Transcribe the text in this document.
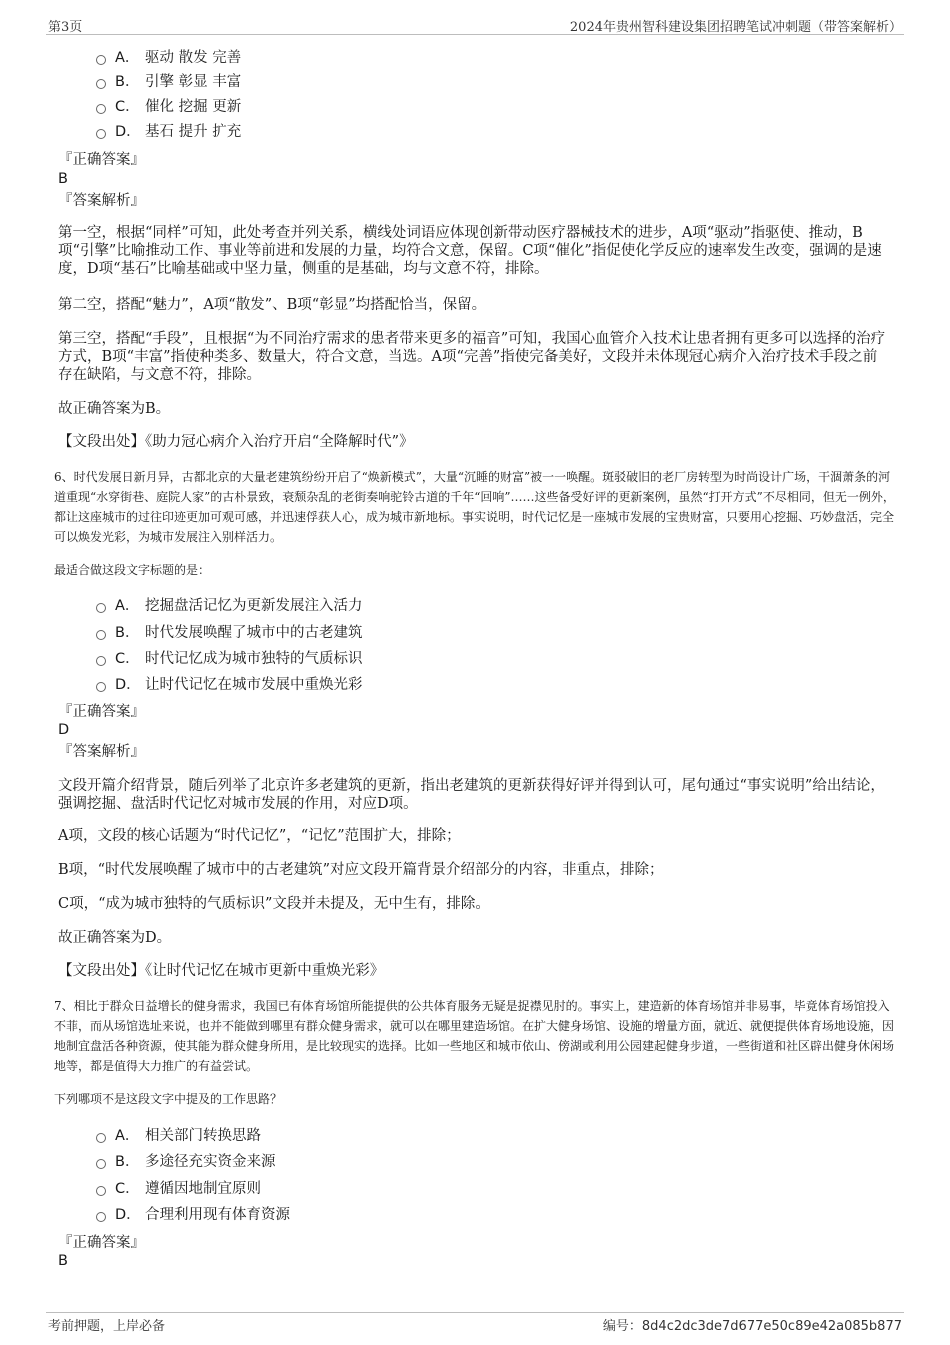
第3页	2024年贵州智科建设集团招聘笔试冲刺题（带答案解析）
A． 驱动 散发 完善
B． 引擎 彰显 丰富
C． 催化 挖掘 更新
D． 基石 提升 扩充
『正确答案』
B
『答案解析』
第一空，根据“同样”可知，此处考查并列关系，横线处词语应体现创新带动医疗器械技术的进步，A项“驱动”指驱使、推动，B项“引擎”比喻推动工作、事业等前进和发展的力量，均符合文意，保留。C项“催化”指促使化学反应的速率发生改变，强调的是速度，D项“基石”比喻基础或中坚力量，侧重的是基础，均与文意不符，排除。
第二空，搭配“魅力”，A项“散发”、B项“彰显”均搭配恰当，保留。
第三空，搭配“手段”，且根据“为不同治疗需求的患者带来更多的福音”可知，我国心血管介入技术让患者拥有更多可以选择的治疗方式，B项“丰富”指使种类多、数量大，符合文意，当选。A项“完善”指使完备美好，文段并未体现冠心病介入治疗技术手段之前存在缺陷，与文意不符，排除。
故正确答案为B。
【文段出处】《助力冠心病介入治疗开启“全降解时代”》
6、时代发展日新月异，古都北京的大量老建筑纷纷开启了“焕新模式”，大量“沉睡的财富”被一一唤醒。斑驳破旧的老厂房转型为时尚设计广场，干涸萧条的河道重现“水穿街巷、庭院人家”的古朴景致，衰颓杂乱的老街奏响驼铃古道的千年“回响”……这些备受好评的更新案例，虽然“打开方式”不尽相同，但无一例外，都让这座城市的过往印迹更加可观可感，并迅速俘获人心，成为城市新地标。事实说明，时代记忆是一座城市发展的宝贵财富，只要用心挖掘、巧妙盘活，完全可以焕发光彩，为城市发展注入别样活力。
最适合做这段文字标题的是：
A． 挖掘盘活记忆为更新发展注入活力
B． 时代发展唤醒了城市中的古老建筑
C． 时代记忆成为城市独特的气质标识
D． 让时代记忆在城市发展中重焕光彩
『正确答案』
D
『答案解析』
文段开篇介绍背景，随后列举了北京许多老建筑的更新，指出老建筑的更新获得好评并得到认可，尾句通过“事实说明”给出结论，强调挖掘、盘活时代记忆对城市发展的作用，对应D项。
A项，文段的核心话题为“时代记忆”，“记忆”范围扩大，排除；
B项，“时代发展唤醒了城市中的古老建筑”对应文段开篇背景介绍部分的内容，非重点，排除；
C项，“成为城市独特的气质标识”文段并未提及，无中生有，排除。
故正确答案为D。
【文段出处】《让时代记忆在城市更新中重焕光彩》
7、相比于群众日益增长的健身需求，我国已有体育场馆所能提供的公共体育服务无疑是捉襟见肘的。事实上，建造新的体育场馆并非易事，毕竟体育场馆投入不菲，而从场馆选址来说，也并不能做到哪里有群众健身需求，就可以在哪里建造场馆。在扩大健身场馆、设施的增量方面，就近、就便提供体育场地设施，因地制宜盘活各种资源，使其能为群众健身所用，是比较现实的选择。比如一些地区和城市依山、傍湖或利用公园建起健身步道，一些街道和社区辟出健身休闲场地等，都是值得大力推广的有益尝试。
下列哪项不是这段文字中提及的工作思路？
A． 相关部门转换思路
B． 多途径充实资金来源
C． 遵循因地制宜原则
D． 合理利用现有体育资源
『正确答案』
B
考前押题，上岸必备	编号：8d4c2dc3de7d677e50c89e42a085b877
